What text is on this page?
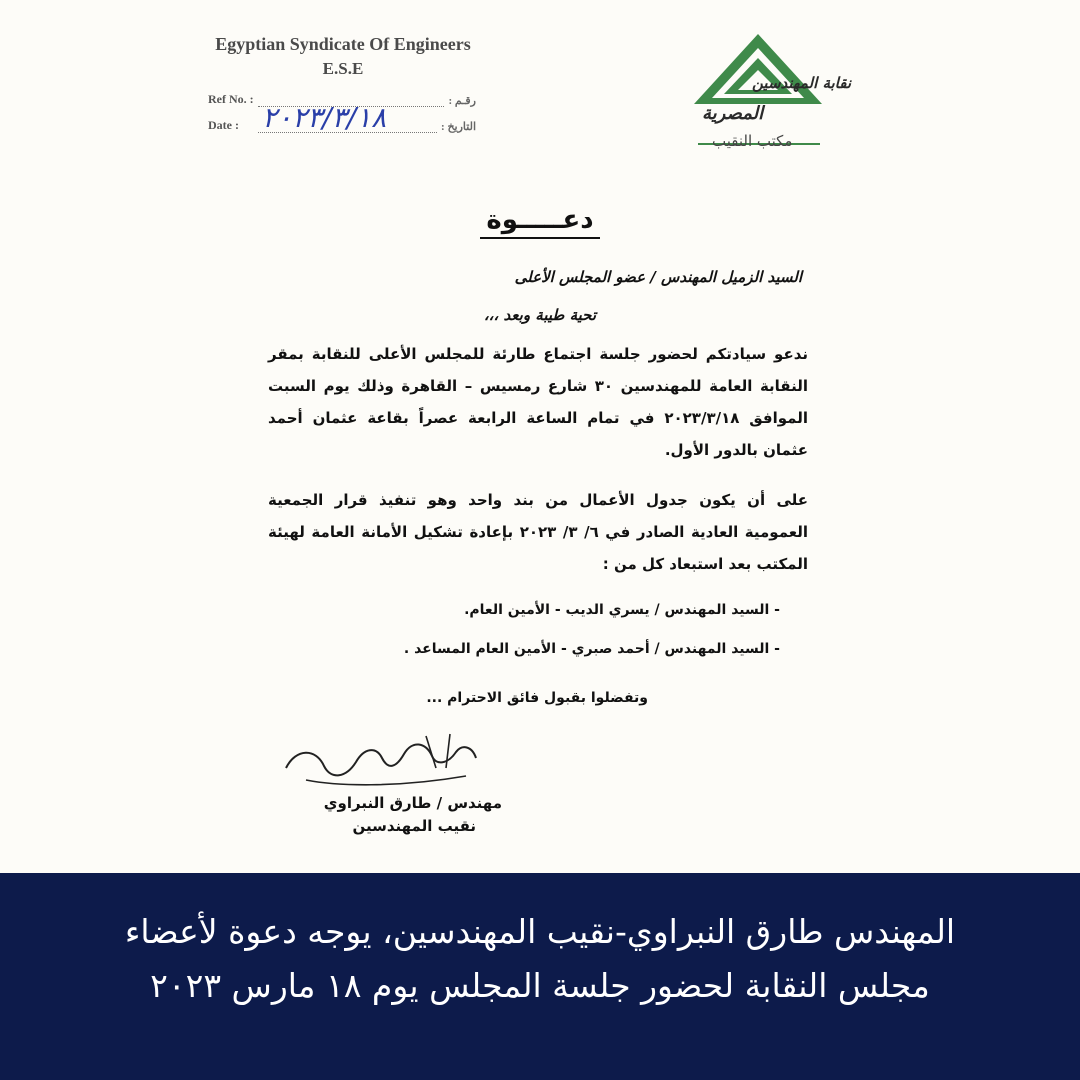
Egyptian Syndicate Of Engineers
E.S.E
Ref No. :	رقـم :
Date :	التاريخ :
٢٠٢٣/٣/١٨
نقابة المهندسين
المصرية
مكتب النقيب
دعـــــوة
السيد الزميل المهندس / عضو المجلس الأعلى
تحية طيبة وبعد ،،،
ندعو سيادتكم لحضور جلسة اجتماع طارئة للمجلس الأعلى للنقابة بمقر النقابة العامة للمهندسين ٣٠ شارع رمسيس – القاهرة وذلك يوم السبت الموافق ٢٠٢٣/٣/١٨ في تمام الساعة الرابعة عصراً بقاعة عثمان أحمد عثمان بالدور الأول.
على أن يكون جدول الأعمال من بند واحد وهو تنفيذ قرار الجمعية العمومية العادية الصادر في ٦/ ٣/ ٢٠٢٣ بإعادة تشكيل الأمانة العامة لهيئة المكتب بعد استبعاد كل من :
- السيد المهندس / يسري الديب - الأمين العام.
- السيد المهندس / أحمد صبري - الأمين العام المساعد .
وتفضلوا بقبول فائق الاحترام ...
مهندس / طارق النبراوي
نقيب المهندسين
المهندس طارق النبراوي-نقيب المهندسين، يوجه دعوة لأعضاء
مجلس النقابة لحضور جلسة المجلس يوم ١٨ مارس ٢٠٢٣
